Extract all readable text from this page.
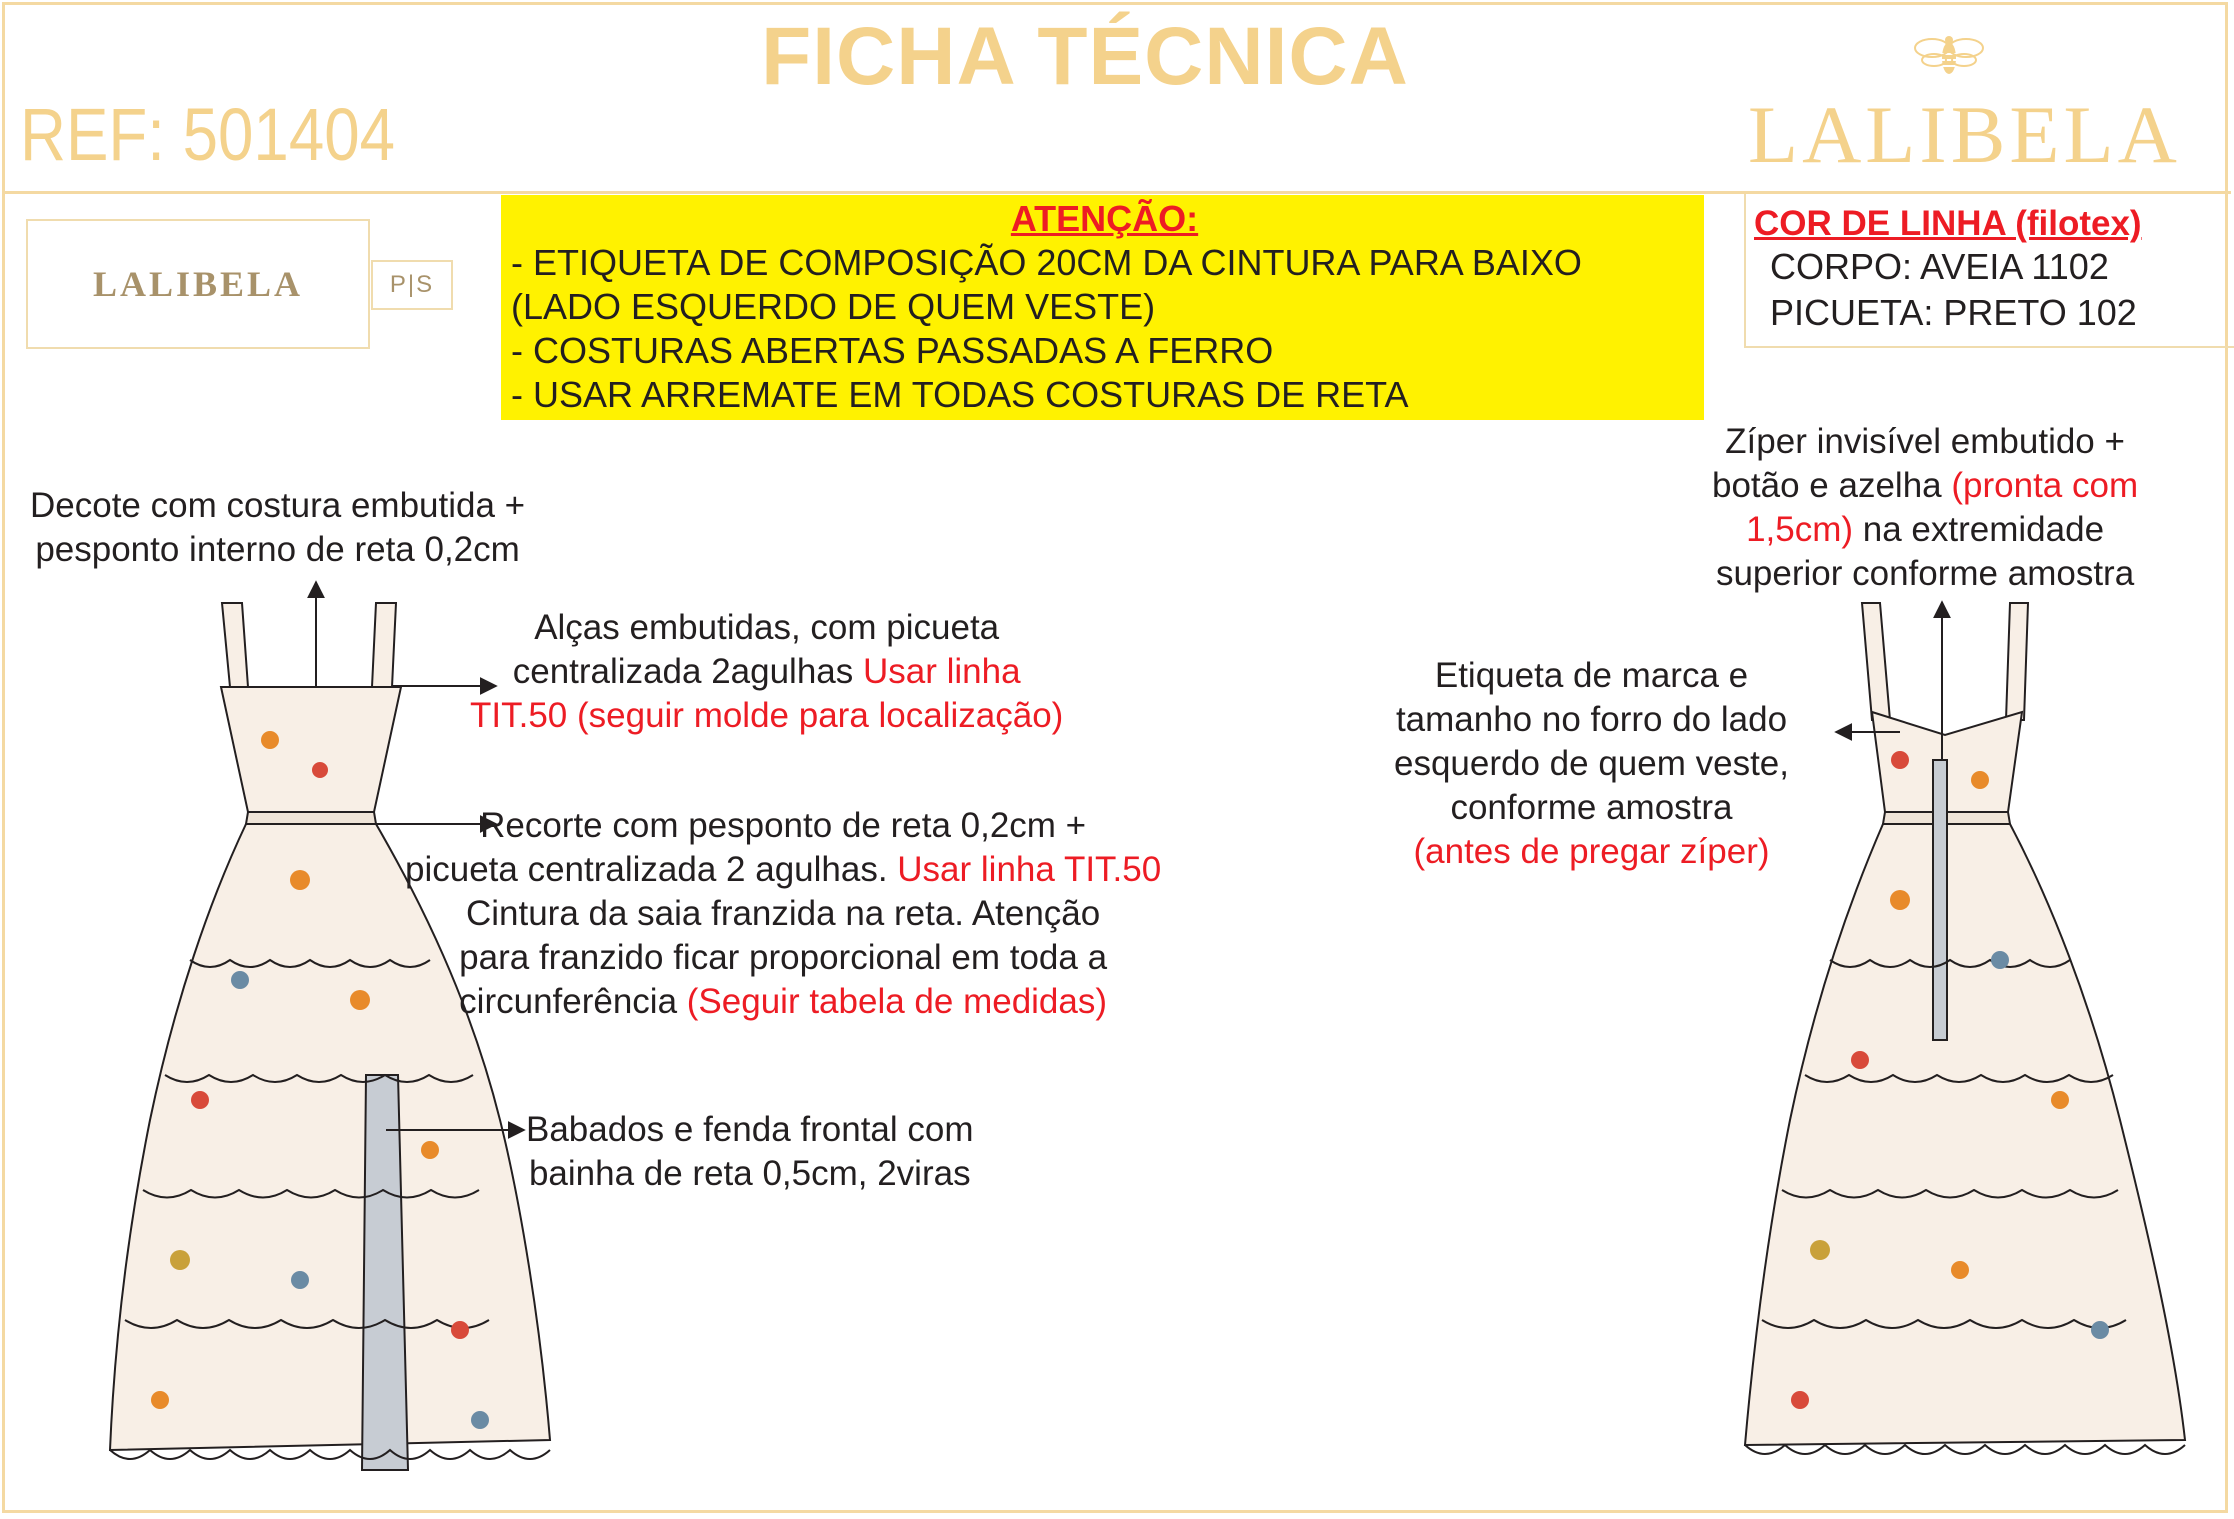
FICHA TÉCNICA
REF: 501404	LALIBELA
LALIBELA	P|S
ATENÇÃO:
- ETIQUETA DE COMPOSIÇÃO 20CM DA CINTURA PARA BAIXO
(LADO ESQUERDO DE QUEM VESTE)
- COSTURAS ABERTAS PASSADAS A FERRO
- USAR ARREMATE EM TODAS COSTURAS DE RETA
COR DE LINHA (filotex)
CORPO: AVEIA 1102
PICUETA: PRETO 102
Decote com costura embutida +
pesponto interno de reta 0,2cm
Alças embutidas, com picueta
centralizada 2agulhas Usar linha
TIT.50 (seguir molde para localização)
Recorte com pesponto de reta 0,2cm +
picueta centralizada 2 agulhas. Usar linha TIT.50
Cintura da saia franzida na reta. Atenção
para franzido ficar proporcional em toda a
circunferência (Seguir tabela de medidas)
Babados e fenda frontal com
bainha de reta 0,5cm, 2viras
Zíper invisível embutido +
botão e azelha (pronta com
1,5cm) na extremidade
superior conforme amostra
Etiqueta de marca e
tamanho no forro do lado
esquerdo de quem veste,
conforme amostra
(antes de pregar zíper)
